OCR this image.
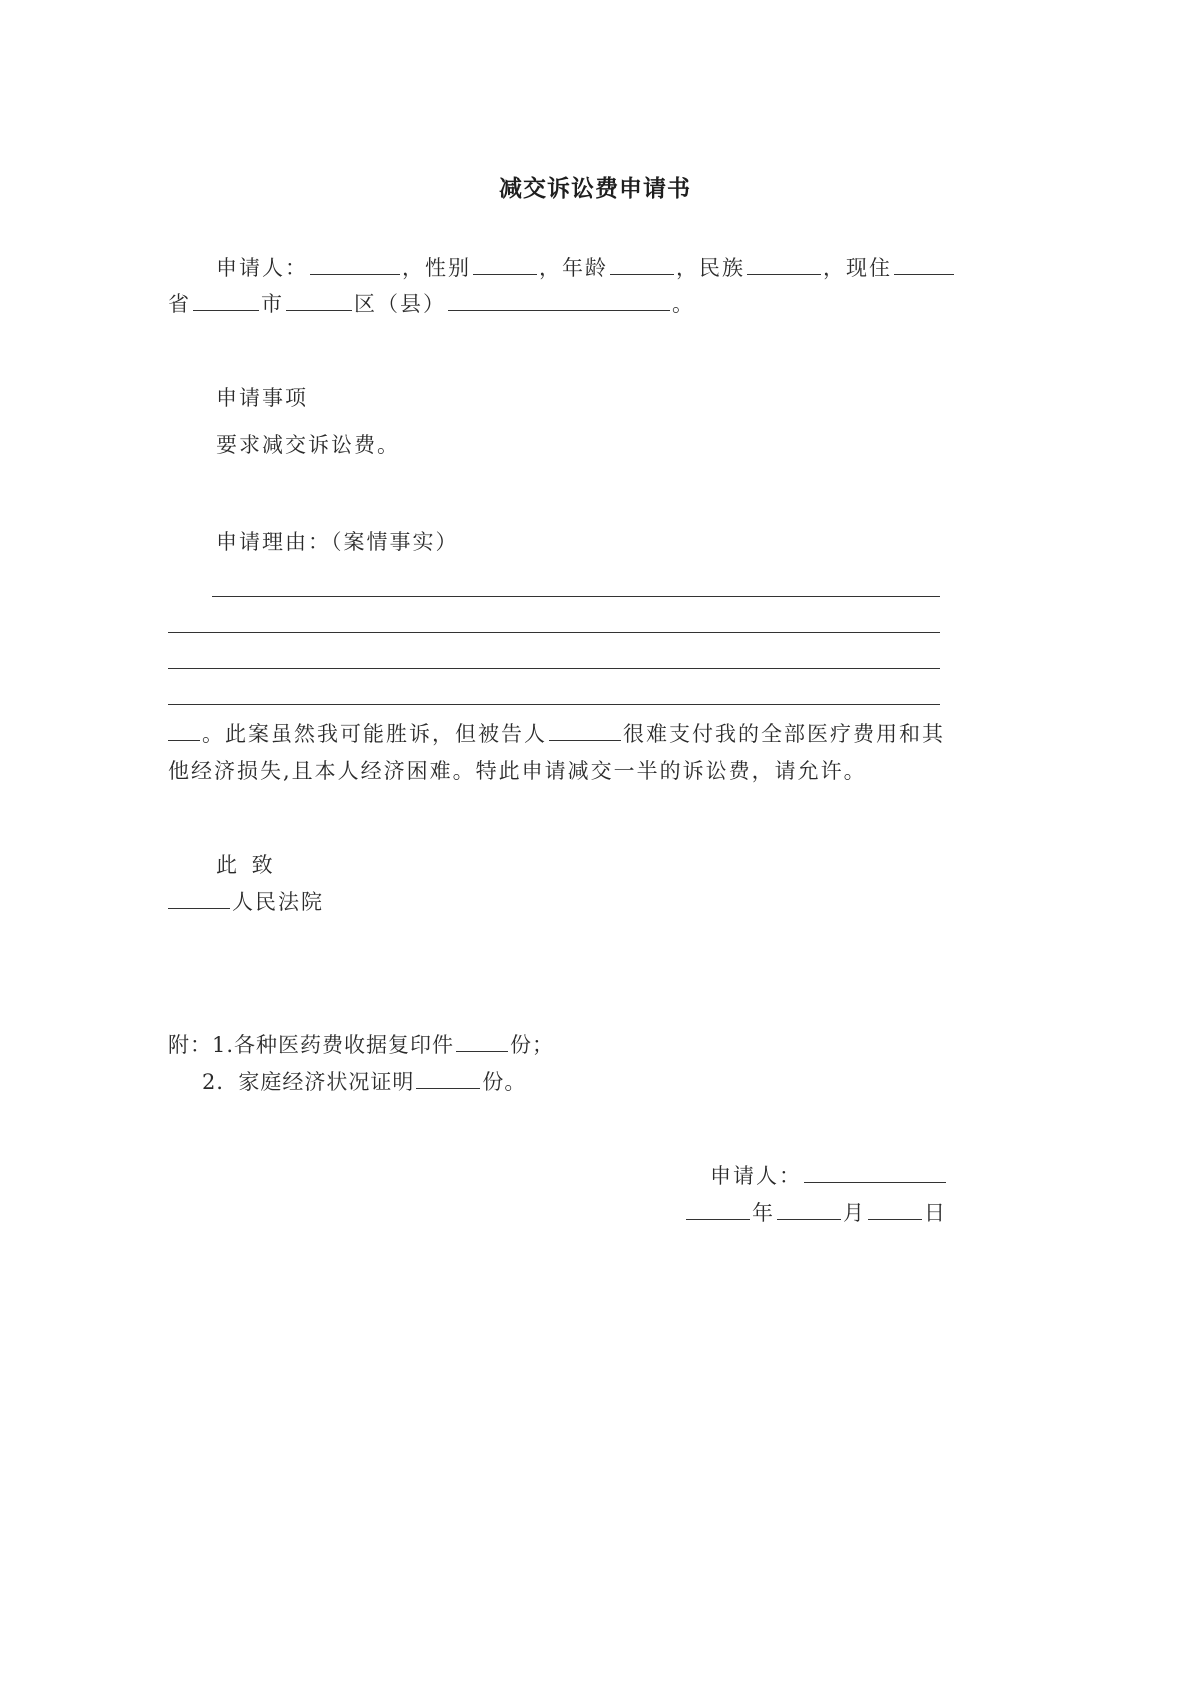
减交诉讼费申请书
申请人：	，性别	，年龄	，民族	，现住
省	市	区（县）	。
申请事项
要求减交诉讼费。
申请理由：（案情事实）
。此案虽然我可能胜诉，但被告人	很难支付我的全部医疗费用和其
他经济损失,且本人经济困难。特此申请减交一半的诉讼费，请允许。
此 致
人民法院
附：1.各种医药费收据复印件	份；
2．家庭经济状况证明	份。
申请人：
年	月	日
